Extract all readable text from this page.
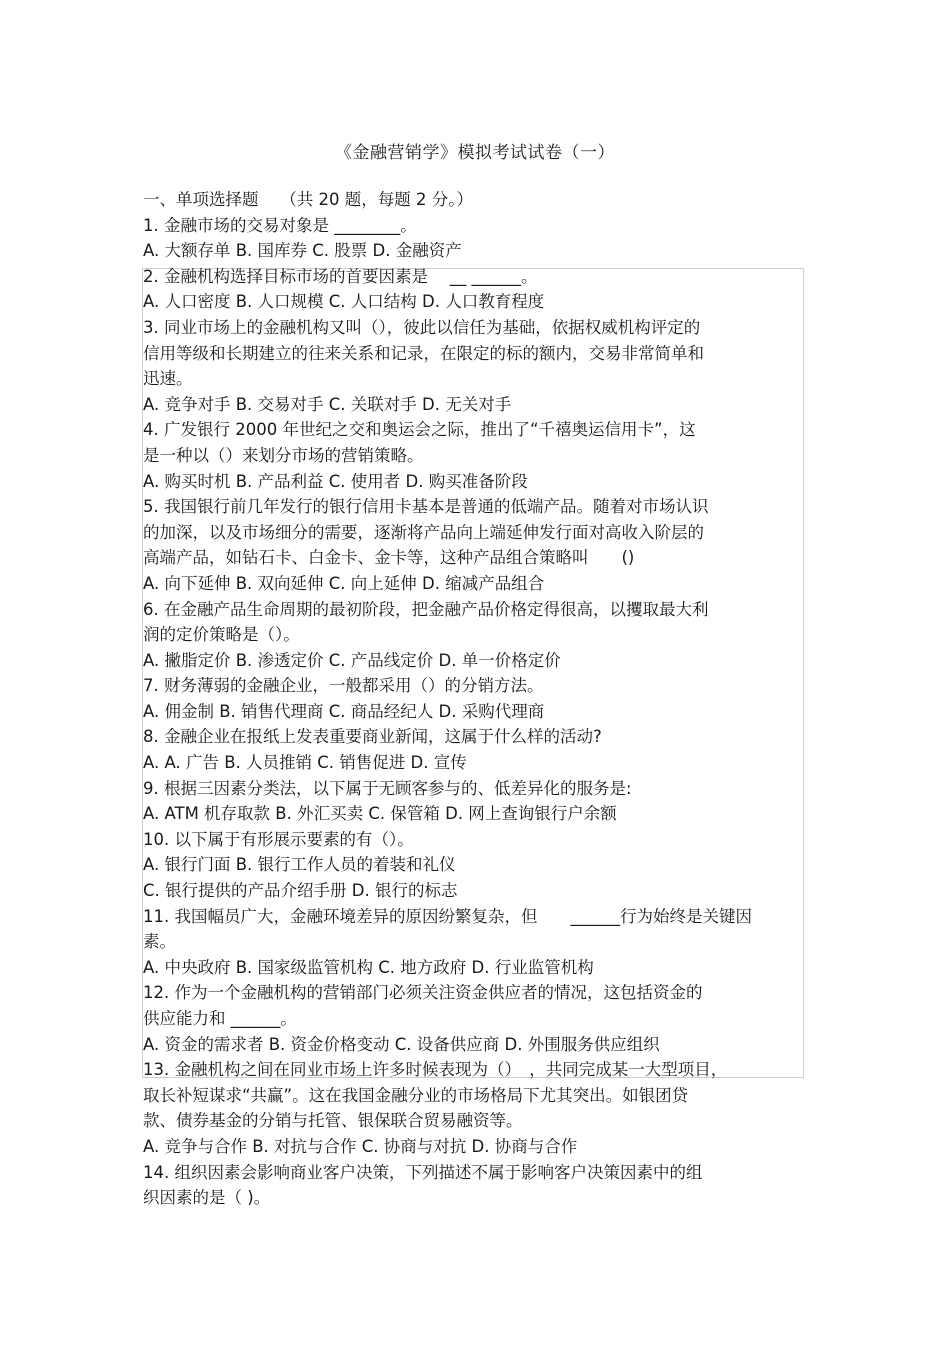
《金融营销学》模拟考试试卷（一）
一、单项选择题　 （共 20 题，每题 2 分。）
1. 金融市场的交易对象是 ________。
A. 大额存单 B. 国库券 C. 股票 D. 金融资产
2. 金融机构选择目标市场的首要因素是　 __ ______。
A. 人口密度 B. 人口规模 C. 人口结构 D. 人口教育程度
3. 同业市场上的金融机构又叫（），彼此以信任为基础，依据权威机构评定的
信用等级和长期建立的往来关系和记录，在限定的标的额内，交易非常简单和
迅速。
A. 竞争对手 B. 交易对手 C. 关联对手 D. 无关对手
4. 广发银行 2000 年世纪之交和奥运会之际，推出了“千禧奥运信用卡”，这
是一种以（）来划分市场的营销策略。
A. 购买时机 B. 产品利益 C. 使用者 D. 购买准备阶段
5. 我国银行前几年发行的银行信用卡基本是普通的低端产品。随着对市场认识
的加深，以及市场细分的需要，逐渐将产品向上端延伸发行面对高收入阶层的
高端产品，如钻石卡、白金卡、金卡等，这种产品组合策略叫　　()
A. 向下延伸 B. 双向延伸 C. 向上延伸 D. 缩减产品组合
6. 在金融产品生命周期的最初阶段，把金融产品价格定得很高，以攫取最大利
润的定价策略是（）。
A. 撇脂定价 B. 渗透定价 C. 产品线定价 D. 单一价格定价
7. 财务薄弱的金融企业，一般都采用（）的分销方法。
A. 佣金制 B. 销售代理商 C. 商品经纪人 D. 采购代理商
8. 金融企业在报纸上发表重要商业新闻，这属于什么样的活动?
A. A. 广告 B. 人员推销 C. 销售促进 D. 宣传
9. 根据三因素分类法，以下属于无顾客参与的、低差异化的服务是:
A. ATM 机存取款 B. 外汇买卖 C. 保管箱 D. 网上查询银行户余额
10. 以下属于有形展示要素的有（）。
A. 银行门面 B. 银行工作人员的着装和礼仪
C. 银行提供的产品介绍手册 D. 银行的标志
11. 我国幅员广大，金融环境差异的原因纷繁复杂，但　　______行为始终是关键因
素。
A. 中央政府 B. 国家级监管机构 C. 地方政府 D. 行业监管机构
12. 作为一个金融机构的营销部门必须关注资金供应者的情况，这包括资金的
供应能力和 ______。
A. 资金的需求者 B. 资金价格变动 C. 设备供应商 D. 外围服务供应组织
13. 金融机构之间在同业市场上许多时候表现为（）　，共同完成某一大型项目，
取长补短谋求“共赢”。这在我国金融分业的市场格局下尤其突出。如银团贷
款、债券基金的分销与托管、银保联合贸易融资等。
A. 竞争与合作 B. 对抗与合作 C. 协商与对抗 D. 协商与合作
14. 组织因素会影响商业客户决策，下列描述不属于影响客户决策因素中的组
织因素的是（ )。
